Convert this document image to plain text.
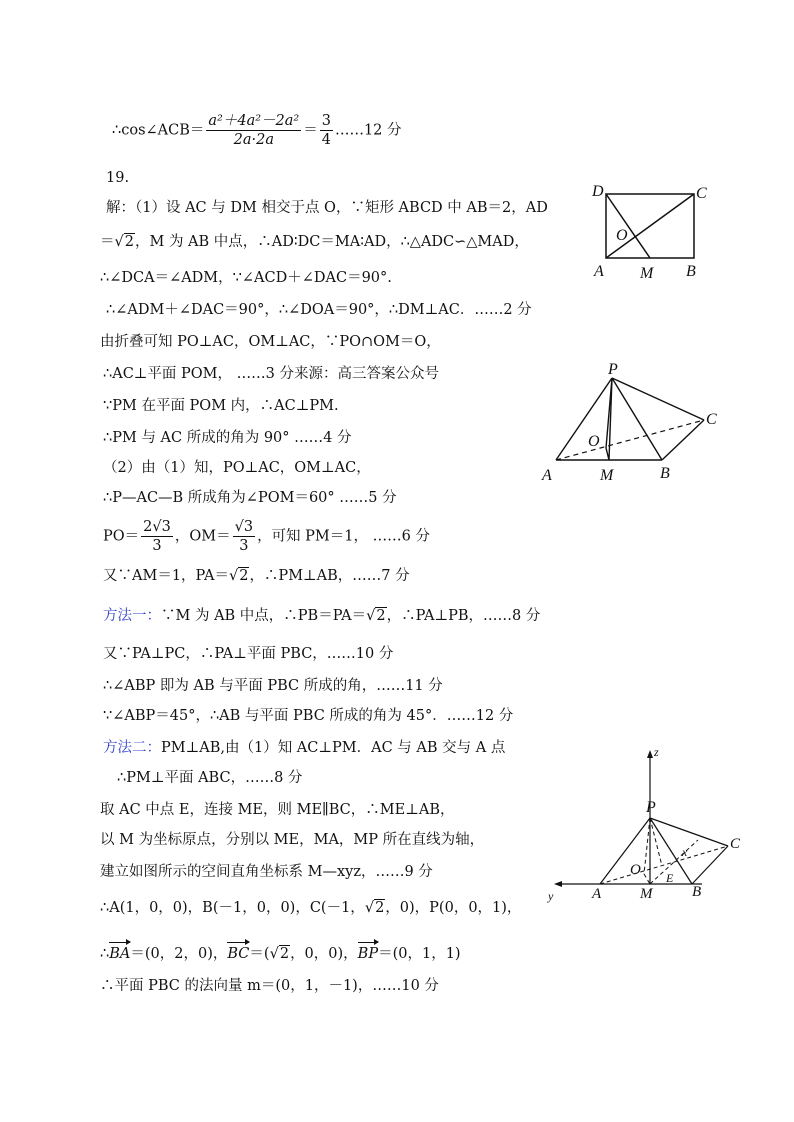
∴cos∠ACB＝ $\frac{\text{a²＋4a²－2a²}}{2a\cdot 2a} = \frac{3}{4}$ ……12 分
19.
解：（1）设 AC 与 DM 相交于点 O，∵矩形 ABCD 中 AB＝2，AD
＝√2，M 为 AB 中点，∴AD∶DC＝MA∶AD，∴△ADC∽△MAD，
∴∠DCA＝∠ADM，∵∠ACD＋∠DAC＝90°.
∴∠ADM＋∠DAC＝90°，∴∠DOA＝90°，∴DM⊥AC．……2 分
由折叠可知 PO⊥AC，OM⊥AC，∵PO∩OM＝O，
∴AC⊥平面 POM， ……3 分来源：高三答案公众号
∵PM 在平面 POM 内，∴AC⊥PM.
∴PM 与 AC 所成的角为 90° ……4 分
（2）由（1）知，PO⊥AC，OM⊥AC，
∴P—AC—B 所成角为∠POM＝60° ……5 分
$PO= \frac{2√3}{3}$ ，$OM= \frac{√3}{3}$ ，可知 PM＝1， ……6 分
又∵AM＝1，PA＝√2，∴PM⊥AB，……7 分
方法一：∵M 为 AB 中点，∴PB＝PA＝√2，∴PA⊥PB，……8 分
又∵PA⊥PC，∴PA⊥平面 PBC，……10 分
∴∠ABP 即为 AB 与平面 PBC 所成的角，……11 分
∵∠ABP＝45°，∴AB 与平面 PBC 所成的角为 45°．……12 分
方法二：PM⊥AB,由（1）知 AC⊥PM．AC 与 AB 交与 A 点
∴PM⊥平面 ABC，……8 分
取 AC 中点 E，连接 ME，则 ME∥BC，∴ME⊥AB，
以 M 为坐标原点，分别以 ME，MA，MP 所在直线为轴，
建立如图所示的空间直角坐标系 M—xyz，……9 分
∴A(1，0，0)，B(－1，0，0)，C(－1，√2，0)，P(0，0，1)，
∴BA＝(0，2，0)，BC＝(√2，0，0)，BP＝(0，1，1)
∴平面 PBC 的法向量 m＝(0，1，－1)，……10 分
D	C
O
A M B
P
C
O
A	M	B
z
P
C
x
O E
y	A	M	B
